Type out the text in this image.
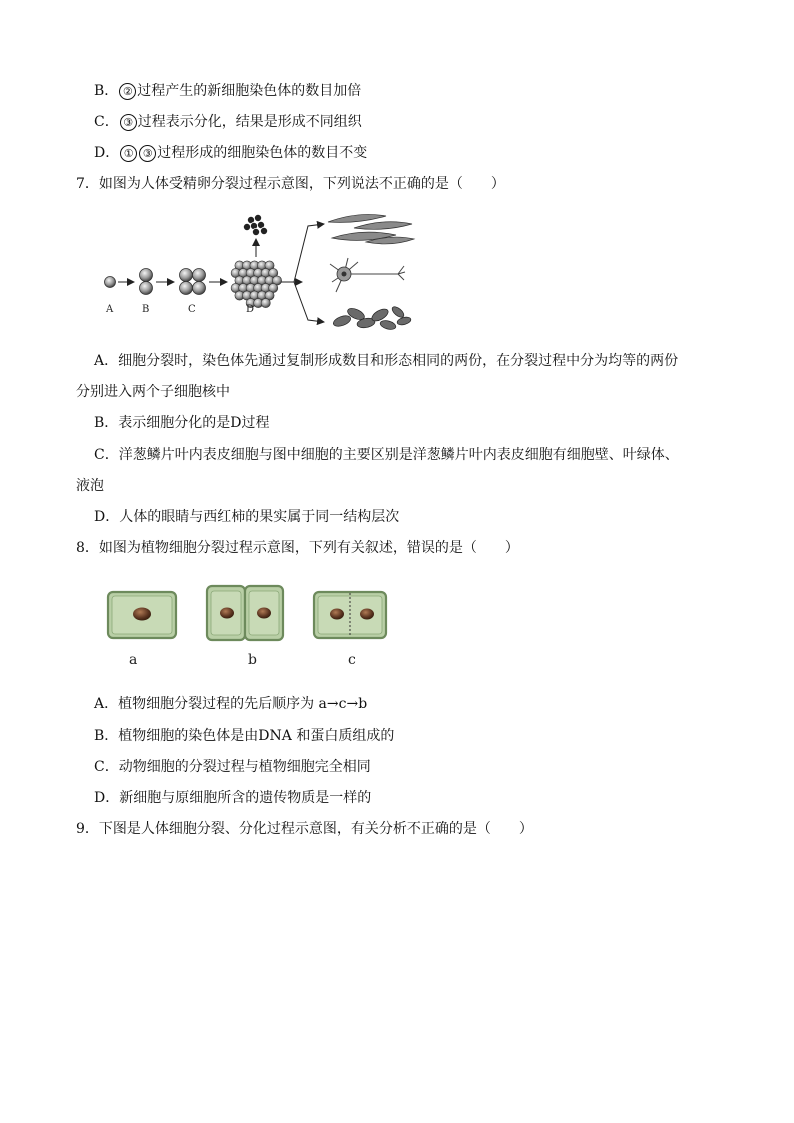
B． ② 过程产生的新细胞染色体的数目加倍
C． ③ 过程表示分化，结果是形成不同组织
D． ① ③ 过程形成的细胞染色体的数目不变
7．如图为人体受精卵分裂过程示意图，下列说法不正确的是（　　）
A	B	C	D
A．细胞分裂时，染色体先通过复制形成数目和形态相同的两份，在分裂过程中分为均等的两份
分别进入两个子细胞核中
B．表示细胞分化的是D过程
C．洋葱鳞片叶内表皮细胞与图中细胞的主要区别是洋葱鳞片叶内表皮细胞有细胞壁、叶绿体、
液泡
D．人体的眼睛与西红柿的果实属于同一结构层次
8．如图为植物细胞分裂过程示意图，下列有关叙述，错误的是（　　）
a	b	c
A．植物细胞分裂过程的先后顺序为 a→c→b
B．植物细胞的染色体是由DNA 和蛋白质组成的
C．动物细胞的分裂过程与植物细胞完全相同
D．新细胞与原细胞所含的遗传物质是一样的
9．下图是人体细胞分裂、分化过程示意图，有关分析不正确的是（　　）
